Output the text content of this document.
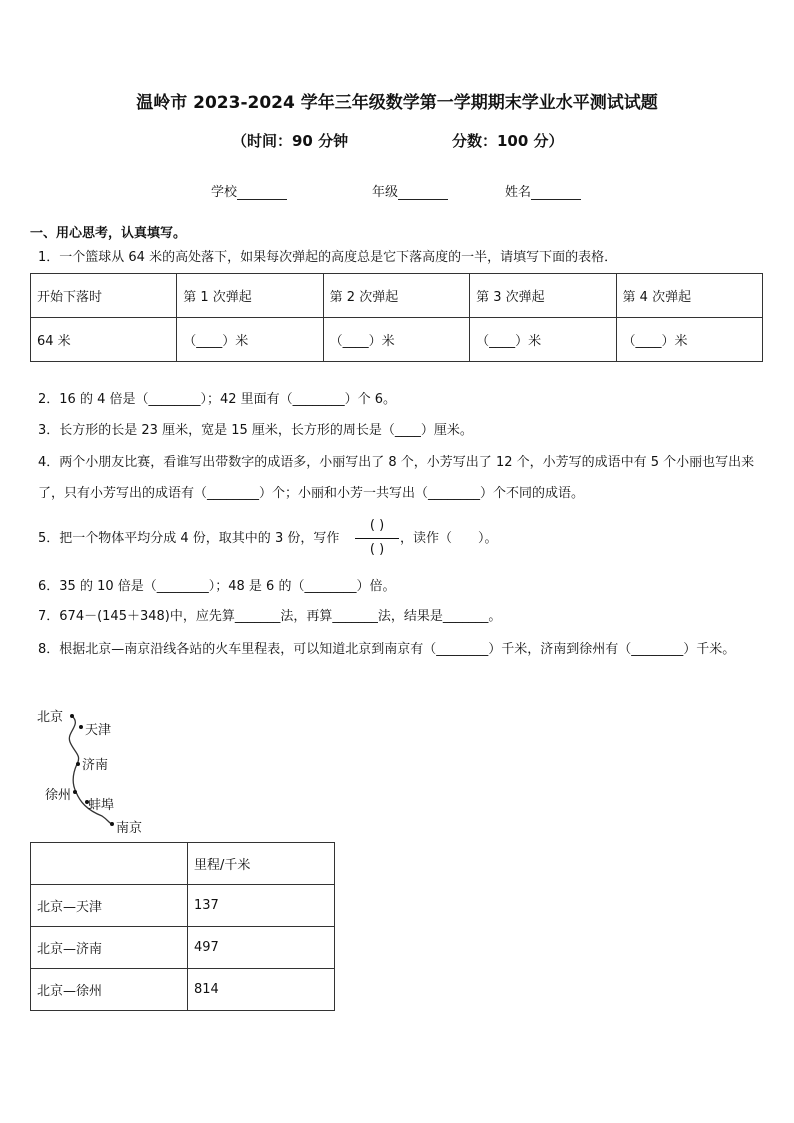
温岭市 2023-2024 学年三年级数学第一学期期末学业水平测试试题
（时间：90 分钟	分数：100 分）
学校	年级	姓名
一、用心思考，认真填写。
1．一个篮球从 64 米的高处落下，如果每次弹起的高度总是它下落高度的一半，请填写下面的表格．
开始下落时	第 1 次弹起	第 2 次弹起	第 3 次弹起	第 4 次弹起
64 米	（____）米	（____）米	（____）米	（____）米
2．16 的 4 倍是（________）；42 里面有（________）个 6。
3．长方形的长是 23 厘米，宽是 15 厘米，长方形的周长是（____）厘米。
4．两个小朋友比赛，看谁写出带数字的成语多，小丽写出了 8 个，小芳写出了 12 个，小芳写的成语中有 5 个小丽也写出来了，只有小芳写出的成语有（________）个；小丽和小芳一共写出（________）个不同的成语。
5．把一个物体平均分成 4 份，取其中的 3 份，写作
( )
( )
，读作（　　）。
6．35 的 10 倍是（________）；48 是 6 的（________）倍。
7．674－(145＋348)中，应先算_______法，再算_______法，结果是_______。
8．根据北京—南京沿线各站的火车里程表，可以知道北京到南京有（________）千米，济南到徐州有（________）千米。
北京
天津
济南
徐州
蚌埠
南京
	里程/千米
北京—天津	137
北京—济南	497
北京—徐州	814
